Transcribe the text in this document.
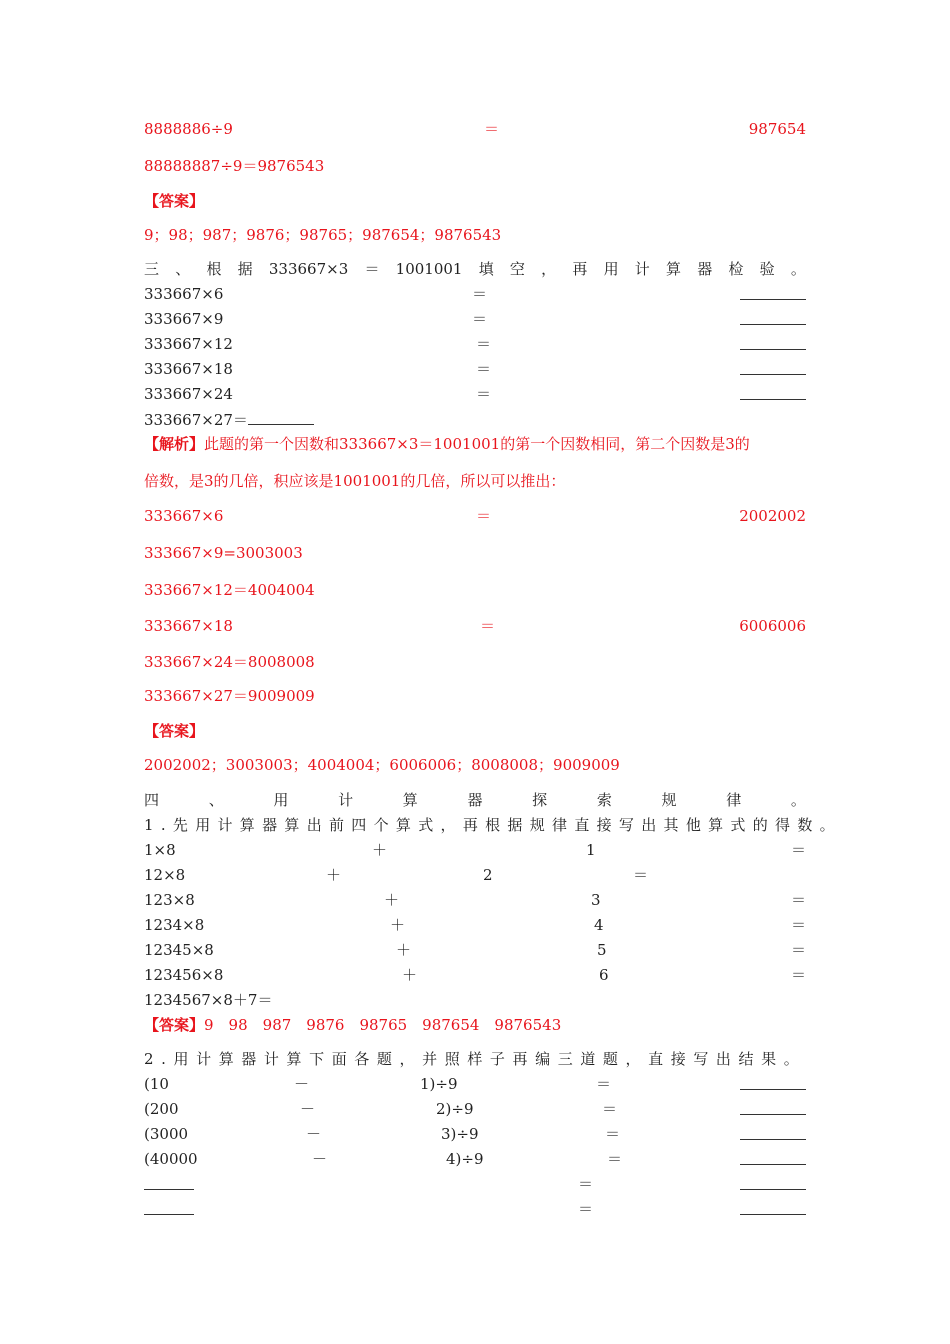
8888886÷9	＝	987654
88888887÷9＝9876543
【答案】
9；98；987；9876；98765；987654；9876543
三 、 根 据 333667×3 ＝ 1001001 填 空 ， 再 用 计 算 器 检 验 。
333667×6	＝
333667×9	＝
333667×12	＝
333667×18	＝
333667×24	＝
333667×27＝
【解析】此题的第一个因数和333667×3＝1001001的第一个因数相同，第二个因数是3的
倍数，是3的几倍，积应该是1001001的几倍，所以可以推出：
333667×6	＝	2002002
333667×9=3003003
333667×12＝4004004
333667×18	＝	6006006
333667×24＝8008008
333667×27＝9009009
【答案】
2002002；3003003；4004004；6006006；8008008；9009009
四	、	用	计	算	器	探	索	规	律	。
1.先用计算器算出前四个算式，再根据规律直接写出其他算式的得数。
1×8	＋	1	＝
12×8	＋	2	＝
123×8	＋	3	＝
1234×8	＋	4	＝
12345×8	＋	5	＝
123456×8	＋	6	＝
1234567×8＋7＝
【答案】9　98　987　9876　98765　987654　9876543
2.用计算器计算下面各题，并照样子再编三道题，直接写出结果。
(10	－	1)÷9	＝
(200	－	2)÷9	＝
(3000	－	3)÷9	＝
(40000	－	4)÷9	＝
＝
＝
